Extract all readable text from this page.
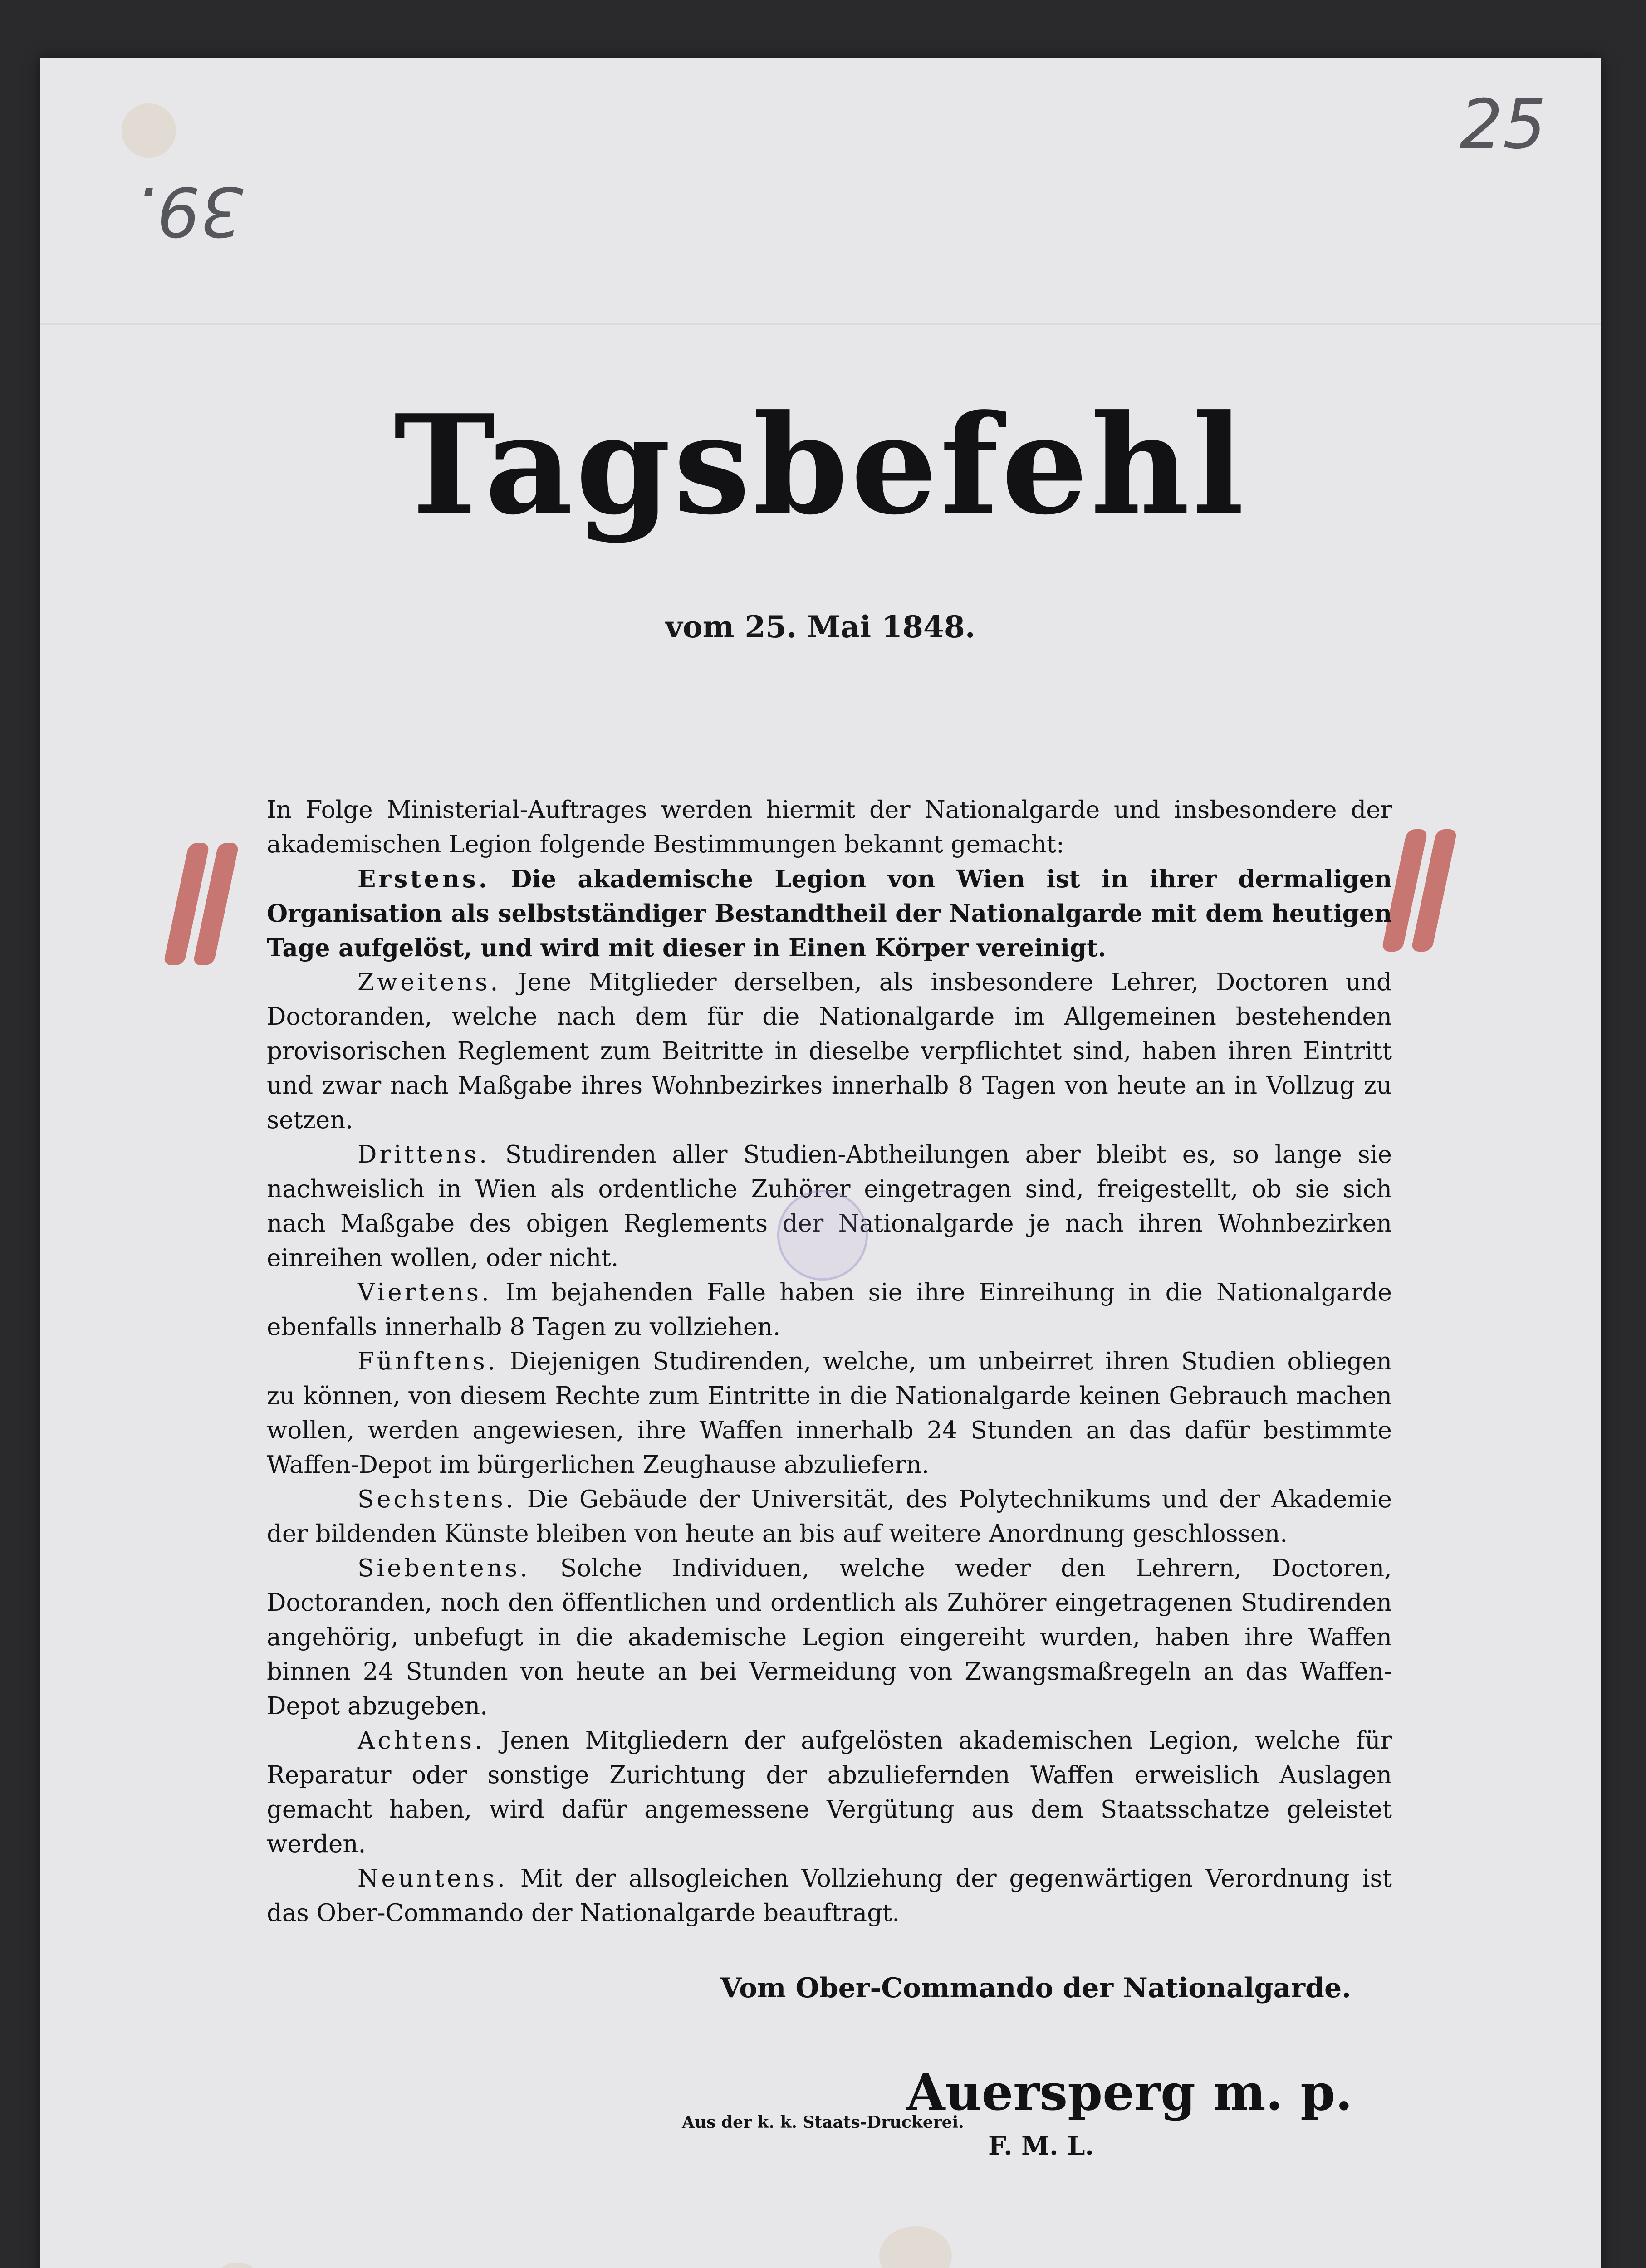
39.
25
Tagsbefehl
vom 25. Mai 1848.

In Folge Ministerial-Auftrages werden hiermit der Nationalgarde und insbesondere der akademischen Legion folgende Bestimmungen bekannt gemacht:

Erstens. Die akademische Legion von Wien ist in ihrer dermaligen Organisation als selbstständiger Bestandtheil der Nationalgarde mit dem heutigen Tage aufgelöst, und wird mit dieser in Einen Körper vereinigt.

Zweitens. Jene Mitglieder derselben, als insbesondere Lehrer, Doctoren und Doctoranden, welche nach dem für die Nationalgarde im Allgemeinen bestehenden provisorischen Reglement zum Beitritte in dieselbe verpflichtet sind, haben ihren Eintritt und zwar nach Maßgabe ihres Wohnbezirkes innerhalb 8 Tagen von heute an in Vollzug zu setzen.

Drittens. Studirenden aller Studien-Abtheilungen aber bleibt es, so lange sie nachweislich in Wien als ordentliche Zuhörer eingetragen sind, freigestellt, ob sie sich nach Maßgabe des obigen Reglements der Nationalgarde je nach ihren Wohnbezirken einreihen wollen, oder nicht.

Viertens. Im bejahenden Falle haben sie ihre Einreihung in die Nationalgarde ebenfalls innerhalb 8 Tagen zu vollziehen.

Fünftens. Diejenigen Studirenden, welche, um unbeirret ihren Studien obliegen zu können, von diesem Rechte zum Eintritte in die Nationalgarde keinen Gebrauch machen wollen, werden angewiesen, ihre Waffen innerhalb 24 Stunden an das dafür bestimmte Waffen-Depot im bürgerlichen Zeughause abzuliefern.

Sechstens. Die Gebäude der Universität, des Polytechnikums und der Akademie der bildenden Künste bleiben von heute an bis auf weitere Anordnung geschlossen.

Siebentens. Solche Individuen, welche weder den Lehrern, Doctoren, Doctoranden, noch den öffentlichen und ordentlich als Zuhörer eingetragenen Studirenden angehörig, unbefugt in die akademische Legion eingereiht wurden, haben ihre Waffen binnen 24 Stunden von heute an bei Vermeidung von Zwangsmaßregeln an das Waffen-Depot abzugeben.

Achtens. Jenen Mitgliedern der aufgelösten akademischen Legion, welche für Reparatur oder sonstige Zurichtung der abzuliefernden Waffen erweislich Auslagen gemacht haben, wird dafür angemessene Vergütung aus dem Staatsschatze geleistet werden.

Neuntens. Mit der allsogleichen Vollziehung der gegenwärtigen Verordnung ist das Ober-Commando der Nationalgarde beauftragt.

Vom Ober-Commando der Nationalgarde.
Auersperg m. p.
F. M. L.
Aus der k. k. Staats-Druckerei.
